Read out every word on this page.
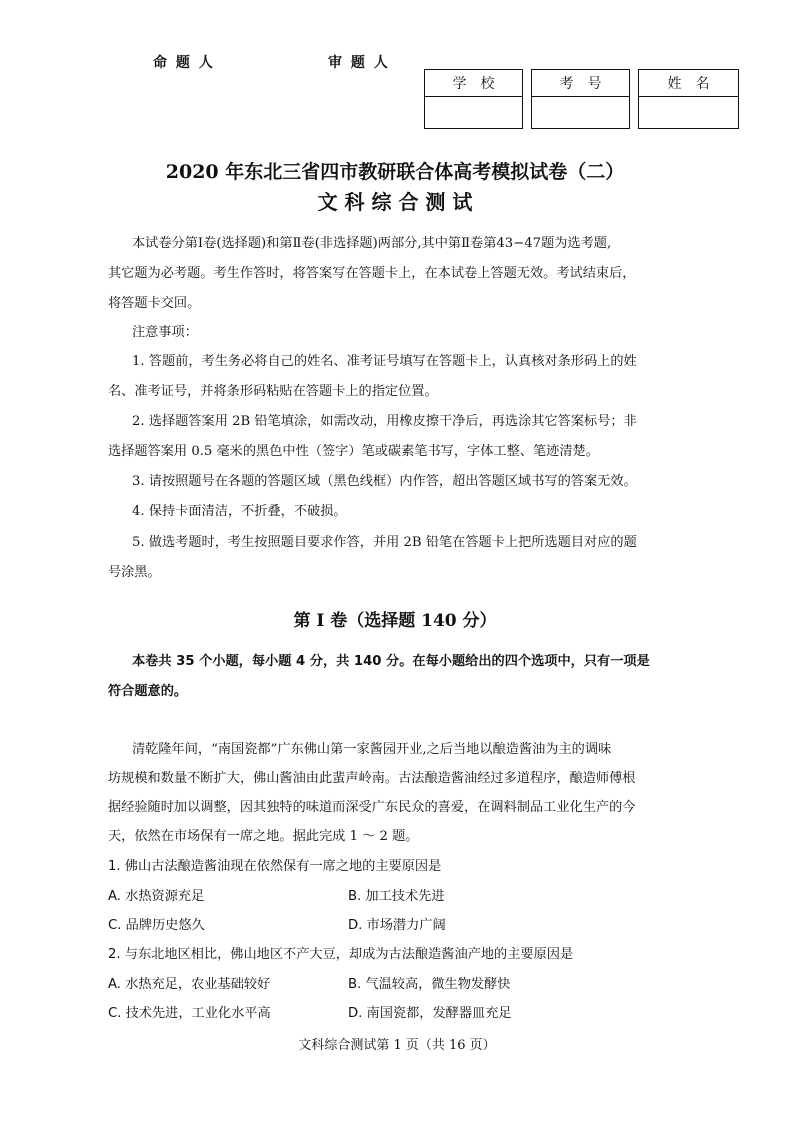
命 题 人	审 题 人
学　校	考　号	姓　名
2020 年东北三省四市教研联合体高考模拟试卷（二）
文 科 综 合 测 试
本试卷分第Ⅰ卷(选择题)和第Ⅱ卷(非选择题)两部分,其中第Ⅱ卷第43−47题为选考题,
其它题为必考题。考生作答时，将答案写在答题卡上，在本试卷上答题无效。考试结束后，
将答题卡交回。
注意事项：
1. 答题前，考生务必将自己的姓名、准考证号填写在答题卡上，认真核对条形码上的姓
名、准考证号，并将条形码粘贴在答题卡上的指定位置。
2. 选择题答案用 2B 铅笔填涂，如需改动，用橡皮擦干净后，再选涂其它答案标号；非
选择题答案用 0.5 毫米的黑色中性（签字）笔或碳素笔书写，字体工整、笔迹清楚。
3. 请按照题号在各题的答题区域（黑色线框）内作答，超出答题区域书写的答案无效。
4. 保持卡面清洁，不折叠，不破损。
5. 做选考题时，考生按照题目要求作答，并用 2B 铅笔在答题卡上把所选题目对应的题
号涂黑。
第 I 卷（选择题 140 分）
本卷共 35 个小题，每小题 4 分，共 140 分。在每小题给出的四个选项中，只有一项是
符合题意的。
清乾隆年间，“南国瓷都”广东佛山第一家酱园开业,之后当地以酿造酱油为主的调味
坊规模和数量不断扩大，佛山酱油由此蜚声岭南。古法酿造酱油经过多道程序，酿造师傅根
据经验随时加以调整，因其独特的味道而深受广东民众的喜爱，在调料制品工业化生产的今
天，依然在市场保有一席之地。据此完成 1 ～ 2 题。
1. 佛山古法酿造酱油现在依然保有一席之地的主要原因是
A. 水热资源充足	B. 加工技术先进
C. 品牌历史悠久	D. 市场潜力广阔
2. 与东北地区相比，佛山地区不产大豆，却成为古法酿造酱油产地的主要原因是
A. 水热充足，农业基础较好	B. 气温较高，微生物发酵快
C. 技术先进，工业化水平高	D. 南国瓷都，发酵器皿充足
文科综合测试第 1 页（共 16 页）
